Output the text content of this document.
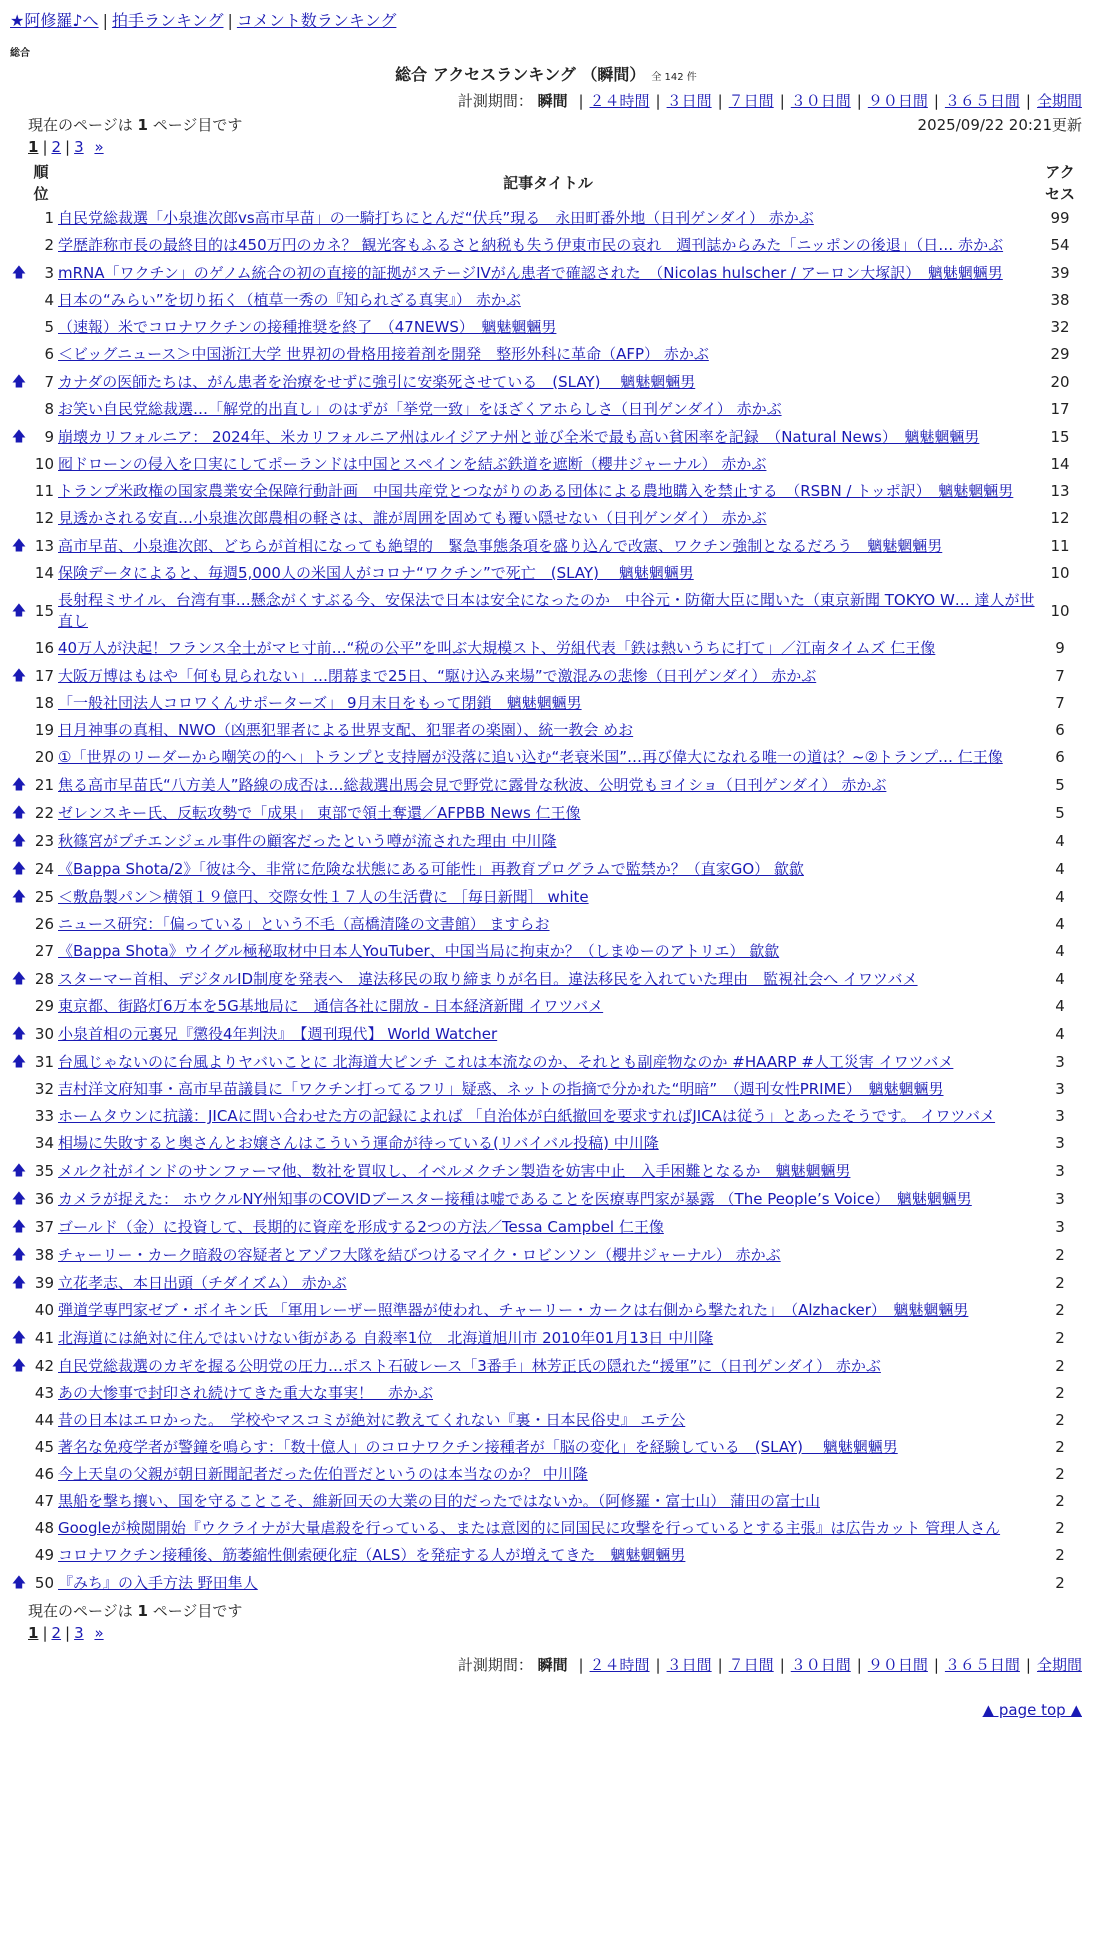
★阿修羅♪へ | 拍手ランキング | コメント数ランキング
総合
総合 アクセスランキング （瞬間） 全 142 件
計測期間： 瞬間 | ２４時間 | ３日間 | ７日間 | ３０日間 | ９０日間 | ３６５日間 | 全期間
現在のページは 1 ページ目です	2025/09/22 20:21更新
1 | 2 | 3 »
	順位	記事タイトル	アクセス
	1	自民党総裁選「小泉進次郎vs高市早苗」の一騎打ちにとんだ“伏兵”現る　永田町番外地（日刊ゲンダイ） 赤かぶ	99
	2	学歴詐称市長の最終目的は450万円のカネ？ 観光客もふるさと納税も失う伊東市民の哀れ　週刊誌からみた「ニッポンの後退」（日… 赤かぶ	54
🡅	3	mRNA「ワクチン」のゲノム統合の初の直接的証拠がステージIVがん患者で確認された　（Nicolas hulscher / アーロン大塚訳）　魑魅魍魎男	39
	4	日本の“みらい”を切り拓く（植草一秀の『知られざる真実』） 赤かぶ	38
	5	（速報）米でコロナワクチンの接種推奨を終了　（47NEWS）　魑魅魍魎男	32
	6	＜ビッグニュース＞中国浙江大学 世界初の骨格用接着剤を開発　整形外科に革命（AFP） 赤かぶ	29
🡅	7	カナダの医師たちは、がん患者を治療をせずに強引に安楽死させている　(SLAY)　 魑魅魍魎男	20
	8	お笑い自民党総裁選…「解党的出直し」のはずが「挙党一致」をほざくアホらしさ（日刊ゲンダイ） 赤かぶ	17
🡅	9	崩壊カリフォルニア： 2024年、米カリフォルニア州はルイジアナ州と並び全米で最も高い貧困率を記録　（Natural News）　魑魅魍魎男	15
	10	囮ドローンの侵入を口実にしてポーランドは中国とスペインを結ぶ鉄道を遮断（櫻井ジャーナル） 赤かぶ	14
	11	トランプ米政権の国家農業安全保障行動計画　中国共産党とつながりのある団体による農地購入を禁止する　（RSBN / トッポ訳）　魑魅魍魎男	13
	12	見透かされる安直…小泉進次郎農相の軽さは、誰が周囲を固めても覆い隠せない（日刊ゲンダイ） 赤かぶ	12
🡅	13	高市早苗、小泉進次郎、どちらが首相になっても絶望的　緊急事態条項を盛り込んで改憲、ワクチン強制となるだろう　魑魅魍魎男	11
	14	保険データによると、毎週5,000人の米国人がコロナ“ワクチン”で死亡　(SLAY)　 魑魅魍魎男	10
🡅	15	長射程ミサイル、台湾有事…懸念がくすぶる今、安保法で日本は安全になったのか　中谷元・防衛大臣に聞いた（東京新聞 TOKYO W… 達人が世直し	10
	16	40万人が決起！フランス全土がマヒ寸前…“税の公平”を叫ぶ大規模スト、労組代表「鉄は熱いうちに打て」／江南タイムズ 仁王像	9
🡅	17	大阪万博はもはや「何も見られない」…閉幕まで25日、“駆け込み来場”で激混みの悲惨（日刊ゲンダイ） 赤かぶ	7
	18	「一般社団法人コロワくんサポーターズ」 9月末日をもって閉鎖　魑魅魍魎男	7
	19	日月神事の真相、NWO（凶悪犯罪者による世界支配、犯罪者の楽園）、統一教会 めお	6
	20	①「世界のリーダーから嘲笑の的へ」トランプと支持層が没落に追い込む“老衰米国”…再び偉大になれる唯一の道は？~②トランプ… 仁王像	6
🡅	21	焦る高市早苗氏“八方美人”路線の成否は…総裁選出馬会見で野党に露骨な秋波、公明党もヨイショ（日刊ゲンダイ） 赤かぶ	5
🡅	22	ゼレンスキー氏、反転攻勢で「成果」 東部で領土奪還／AFPBB News 仁王像	5
🡅	23	秋篠宮がプチエンジェル事件の顧客だったという噂が流された理由 中川隆	4
🡅	24	《Bappa Shota/2》「彼は今、非常に危険な状態にある可能性」再教育プログラムで監禁か？（直家GO） 歙歙	4
🡅	25	＜敷島製パン＞横領１９億円、交際女性１７人の生活費に ［毎日新聞］ white	4
	26	ニュース研究：「偏っている」という不毛（高橋清隆の文書館） ますらお	4
	27	《Bappa Shota》ウイグル極秘取材中日本人YouTuber、中国当局に拘束か？（しまゆーのアトリエ） 歙歙	4
🡅	28	スターマー首相、デジタルID制度を発表へ　違法移民の取り締まりが名目。違法移民を入れていた理由　監視社会へ イワツバメ	4
	29	東京都、街路灯6万本を5G基地局に　通信各社に開放 - 日本経済新聞 イワツバメ	4
🡅	30	小泉首相の元裏兄『懲役4年判決』　【週刊現代】 World Watcher	4
🡅	31	台風じゃないのに台風よりヤバいことに 北海道大ピンチ これは本流なのか、それとも副産物なのか #HAARP #人工災害 イワツバメ	3
	32	吉村洋文府知事・高市早苗議員に「ワクチン打ってるフリ」疑惑、ネットの指摘で分かれた“明暗”　（週刊女性PRIME）　魑魅魍魎男	3
	33	ホームタウンに抗議：JICAに問い合わせた方の記録によれば 「自治体が白紙撤回を要求すればJICAは従う」とあったそうです。 イワツバメ	3
	34	相場に失敗すると奥さんとお嬢さんはこういう運命が待っている(リバイバル投稿) 中川隆	3
🡅	35	メルク社がインドのサンファーマ他、数社を買収し、イベルメクチン製造を妨害中止　入手困難となるか　魑魅魍魎男	3
🡅	36	カメラが捉えた： ホウクルNY州知事のCOVIDブースター接種は嘘であることを医療専門家が暴露 （The People’s Voice）　魑魅魍魎男	3
🡅	37	ゴールド（金）に投資して、長期的に資産を形成する2つの方法／Tessa Campbel 仁王像	3
🡅	38	チャーリー・カーク暗殺の容疑者とアゾフ大隊を結びつけるマイク・ロビンソン（櫻井ジャーナル） 赤かぶ	2
🡅	39	立花孝志、本日出頭（チダイズム） 赤かぶ	2
	40	弾道学専門家ゼブ・ボイキン氏 「軍用レーザー照準器が使われ、チャーリー・カークは右側から撃たれた」　（Alzhacker）　魑魅魍魎男	2
🡅	41	北海道には絶対に住んではいけない街がある 自殺率1位　北海道旭川市 2010年01月13日 中川隆	2
🡅	42	自民党総裁選のカギを握る公明党の圧力…ポスト石破レース「3番手」林芳正氏の隠れた“援軍”に（日刊ゲンダイ） 赤かぶ	2
	43	あの大惨事で封印され続けてきた重大な事実！　赤かぶ	2
	44	昔の日本はエロかった。　学校やマスコミが絶対に教えてくれない『裏・日本民俗史』 エテ公	2
	45	著名な免疫学者が警鐘を鳴らす：「数十億人」のコロナワクチン接種者が「脳の変化」を経験している　(SLAY)　 魑魅魍魎男	2
	46	今上天皇の父親が朝日新聞記者だった佐伯晋だというのは本当なのか？ 中川隆	2
	47	黒船を撃ち攘い、国を守ることこそ、維新回天の大業の目的だったではないか。（阿修羅・富士山） 蒲田の富士山	2
	48	Googleが検閲開始『ウクライナが大量虐殺を行っている、または意図的に同国民に攻撃を行っているとする主張』は広告カット 管理人さん	2
	49	コロナワクチン接種後、筋萎縮性側索硬化症（ALS）を発症する人が増えてきた　魑魅魍魎男	2
🡅	50	『みち』の入手方法 野田隼人	2
現在のページは 1 ページ目です
1 | 2 | 3 »
計測期間： 瞬間 | ２４時間 | ３日間 | ７日間 | ３０日間 | ９０日間 | ３６５日間 | 全期間
▲ page top ▲
